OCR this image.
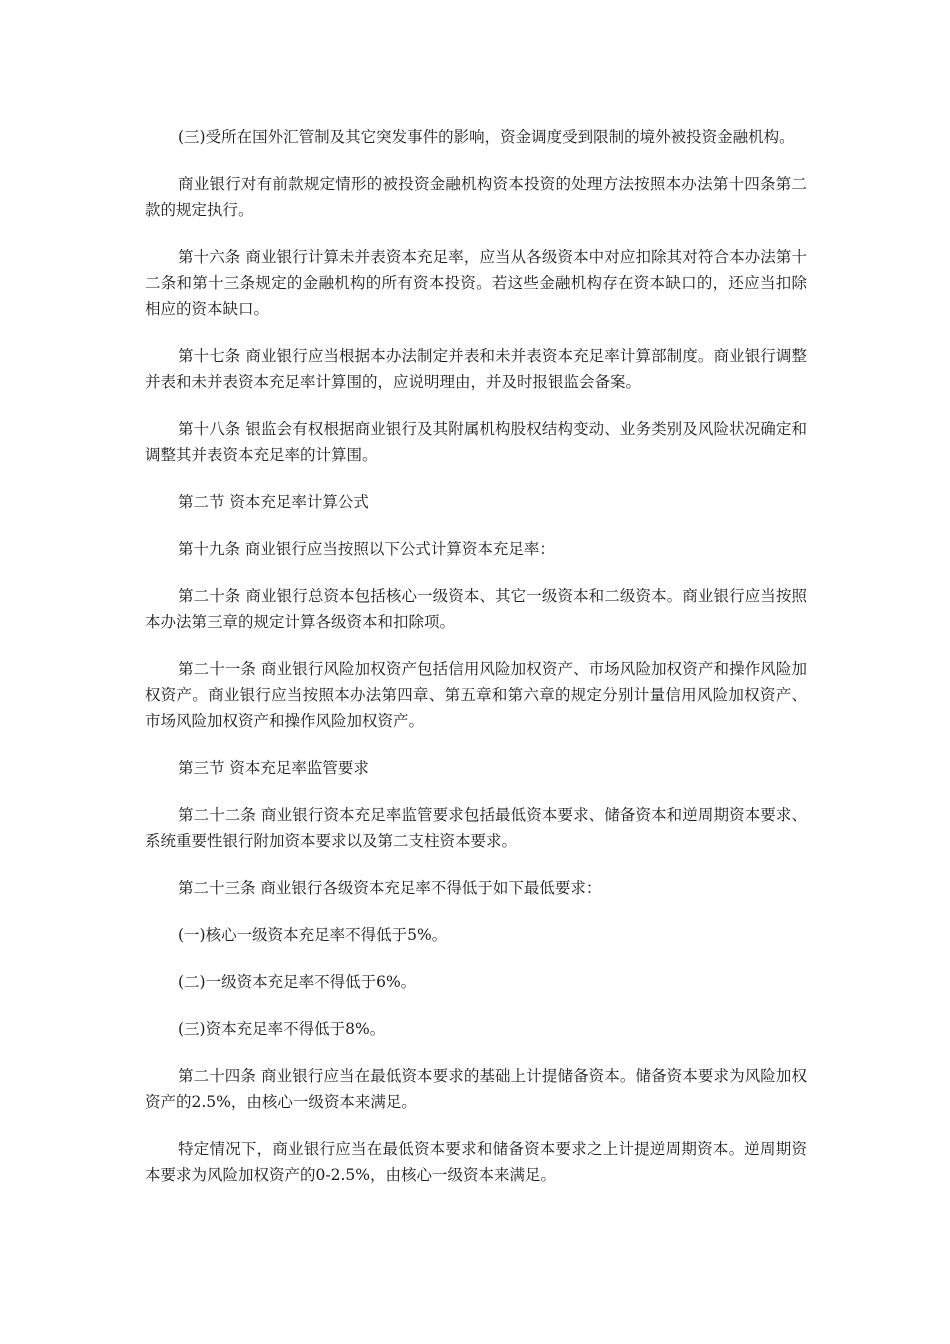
(三)受所在国外汇管制及其它突发事件的影响，资金调度受到限制的境外被投资金融机构。

商业银行对有前款规定情形的被投资金融机构资本投资的处理方法按照本办法第十四条第二款的规定执行。

第十六条 商业银行计算未并表资本充足率，应当从各级资本中对应扣除其对符合本办法第十二条和第十三条规定的金融机构的所有资本投资。若这些金融机构存在资本缺口的，还应当扣除相应的资本缺口。

第十七条 商业银行应当根据本办法制定并表和未并表资本充足率计算部制度。商业银行调整并表和未并表资本充足率计算围的，应说明理由，并及时报银监会备案。

第十八条 银监会有权根据商业银行及其附属机构股权结构变动、业务类别及风险状况确定和调整其并表资本充足率的计算围。

第二节 资本充足率计算公式

第十九条 商业银行应当按照以下公式计算资本充足率：

第二十条 商业银行总资本包括核心一级资本、其它一级资本和二级资本。商业银行应当按照本办法第三章的规定计算各级资本和扣除项。

第二十一条 商业银行风险加权资产包括信用风险加权资产、市场风险加权资产和操作风险加权资产。商业银行应当按照本办法第四章、第五章和第六章的规定分别计量信用风险加权资产、市场风险加权资产和操作风险加权资产。

第三节 资本充足率监管要求

第二十二条 商业银行资本充足率监管要求包括最低资本要求、储备资本和逆周期资本要求、系统重要性银行附加资本要求以及第二支柱资本要求。

第二十三条 商业银行各级资本充足率不得低于如下最低要求：

(一)核心一级资本充足率不得低于5%。

(二)一级资本充足率不得低于6%。

(三)资本充足率不得低于8%。

第二十四条 商业银行应当在最低资本要求的基础上计提储备资本。储备资本要求为风险加权资产的2.5%，由核心一级资本来满足。

特定情况下，商业银行应当在最低资本要求和储备资本要求之上计提逆周期资本。逆周期资本要求为风险加权资产的0-2.5%，由核心一级资本来满足。
